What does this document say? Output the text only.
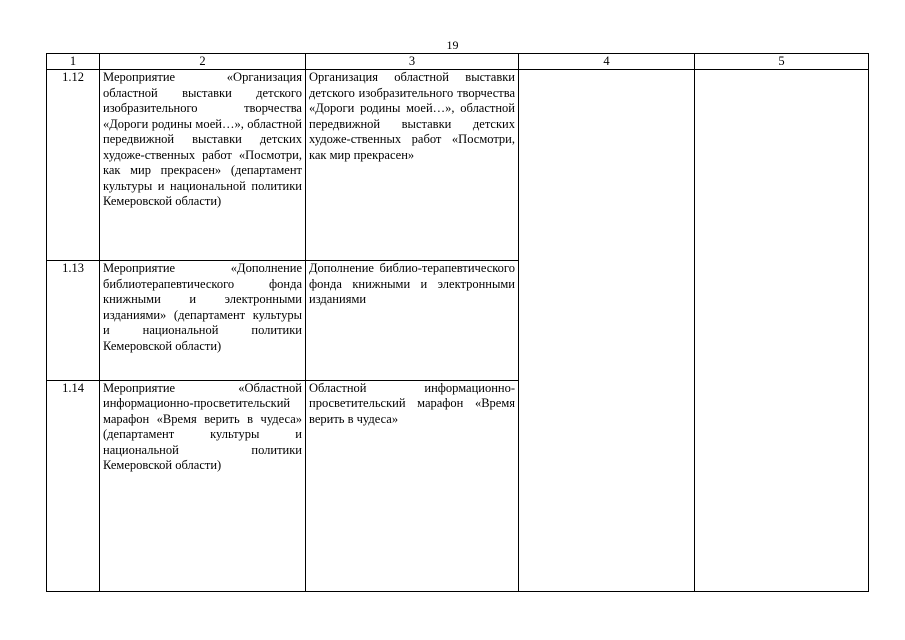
19
1	2	3	4	5
1.12	Мероприятие «Организация областной выставки детского изобразительного творчества «Дороги родины моей…», областной передвижной выставки детских художе-ственных работ «Посмотри, как мир прекрасен» (департамент культуры и национальной политики Кемеровской области)	Организация областной выставки детского изобразительного творчества «Дороги родины моей…», областной передвижной выставки детских художе-ственных работ «Посмотри, как мир прекрасен»		
1.13	Мероприятие «Дополнение библиотерапевтического фонда книжными и электронными изданиями» (департамент культуры и национальной политики Кемеровской области)	Дополнение библио-терапевтического фонда книжными и электронными изданиями		
1.14	Мероприятие «Областной информационно-просветительский марафон «Время верить в чудеса» (департамент культуры и национальной политики Кемеровской области)	Областной информационно-просветительский марафон «Время верить в чудеса»		
